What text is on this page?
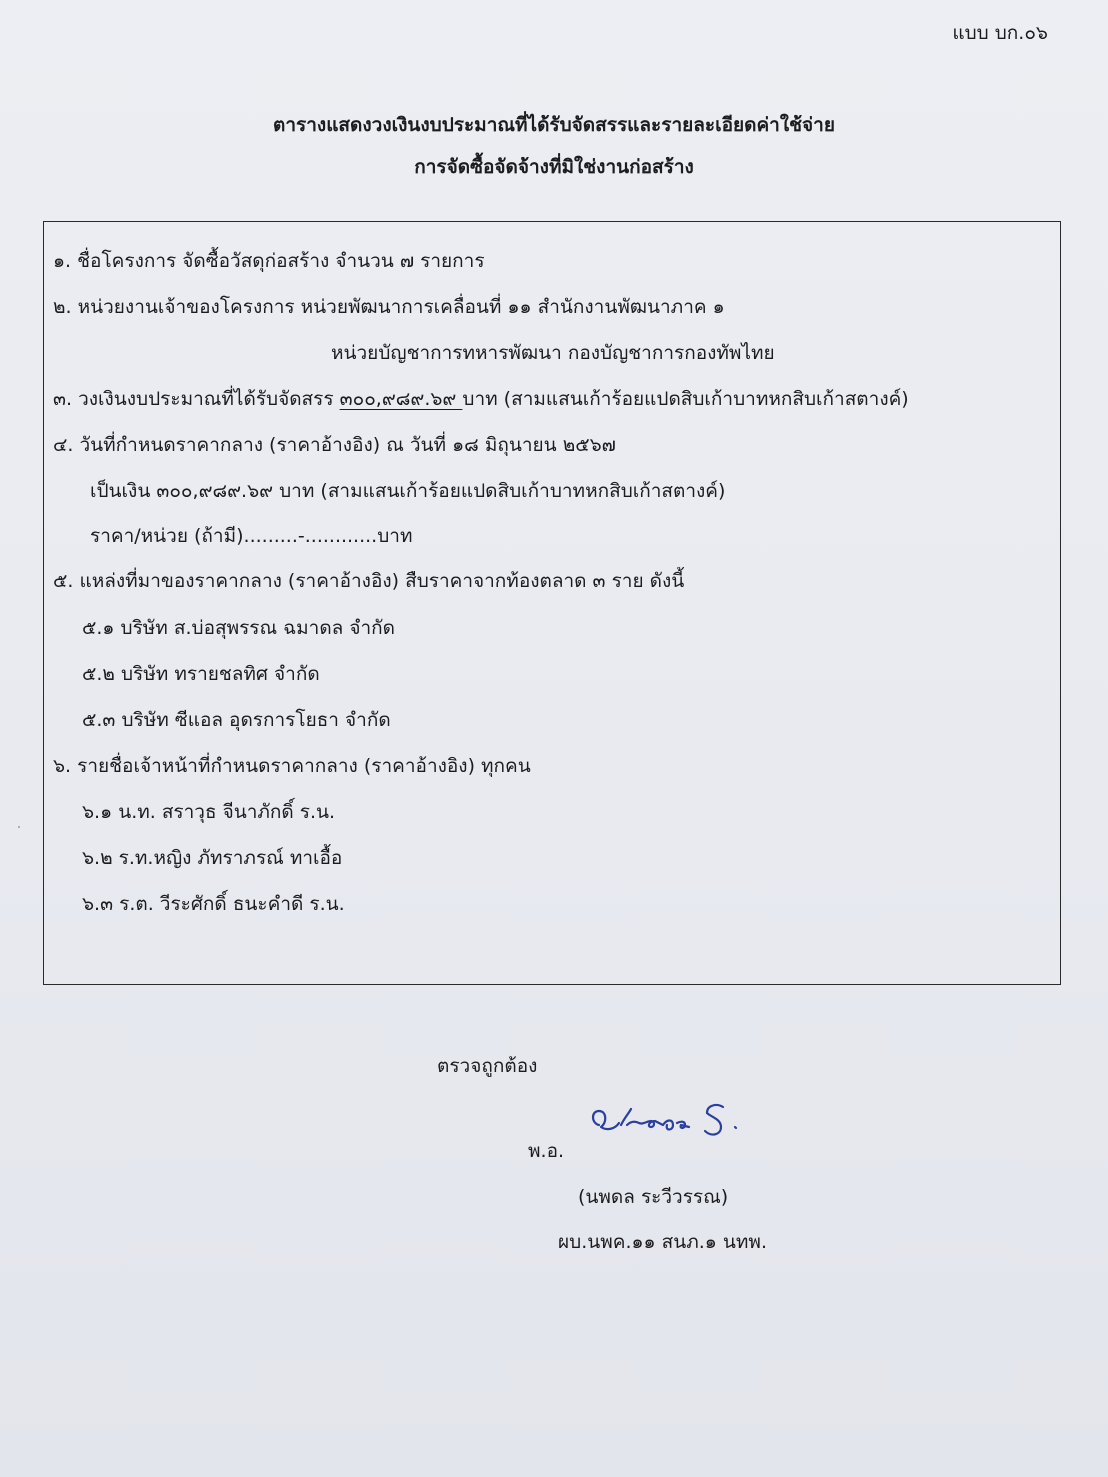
แบบ บก.๐๖
ตารางแสดงวงเงินงบประมาณที่ได้รับจัดสรรและรายละเอียดค่าใช้จ่าย
การจัดซื้อจัดจ้างที่มิใช่งานก่อสร้าง
๑. ชื่อโครงการ จัดซื้อวัสดุก่อสร้าง จำนวน ๗ รายการ
๒. หน่วยงานเจ้าของโครงการ หน่วยพัฒนาการเคลื่อนที่ ๑๑ สำนักงานพัฒนาภาค ๑
หน่วยบัญชาการทหารพัฒนา กองบัญชาการกองทัพไทย
๓. วงเงินงบประมาณที่ได้รับจัดสรร ๓๐๐,๙๘๙.๖๙ บาท (สามแสนเก้าร้อยแปดสิบเก้าบาทหกสิบเก้าสตางค์)
๔. วันที่กำหนดราคากลาง (ราคาอ้างอิง) ณ วันที่ ๑๘ มิถุนายน ๒๕๖๗
เป็นเงิน ๓๐๐,๙๘๙.๖๙ บาท (สามแสนเก้าร้อยแปดสิบเก้าบาทหกสิบเก้าสตางค์)
ราคา/หน่วย (ถ้ามี).........-............บาท
๕. แหล่งที่มาของราคากลาง (ราคาอ้างอิง) สืบราคาจากท้องตลาด ๓ ราย ดังนี้
๕.๑ บริษัท ส.บ่อสุพรรณ ฉมาดล จำกัด
๕.๒ บริษัท ทรายชลทิศ จำกัด
๕.๓ บริษัท ซีแอล อุดรการโยธา จำกัด
๖. รายชื่อเจ้าหน้าที่กำหนดราคากลาง (ราคาอ้างอิง) ทุกคน
๖.๑ น.ท. สราวุธ จีนาภักดิ์ ร.น.
๖.๒ ร.ท.หญิง ภัทราภรณ์ ทาเอื้อ
๖.๓ ร.ต. วีระศักดิ์ ธนะคำดี ร.น.
ตรวจถูกต้อง
พ.อ.
(นพดล ระวีวรรณ)
ผบ.นพค.๑๑ สนภ.๑ นทพ.
